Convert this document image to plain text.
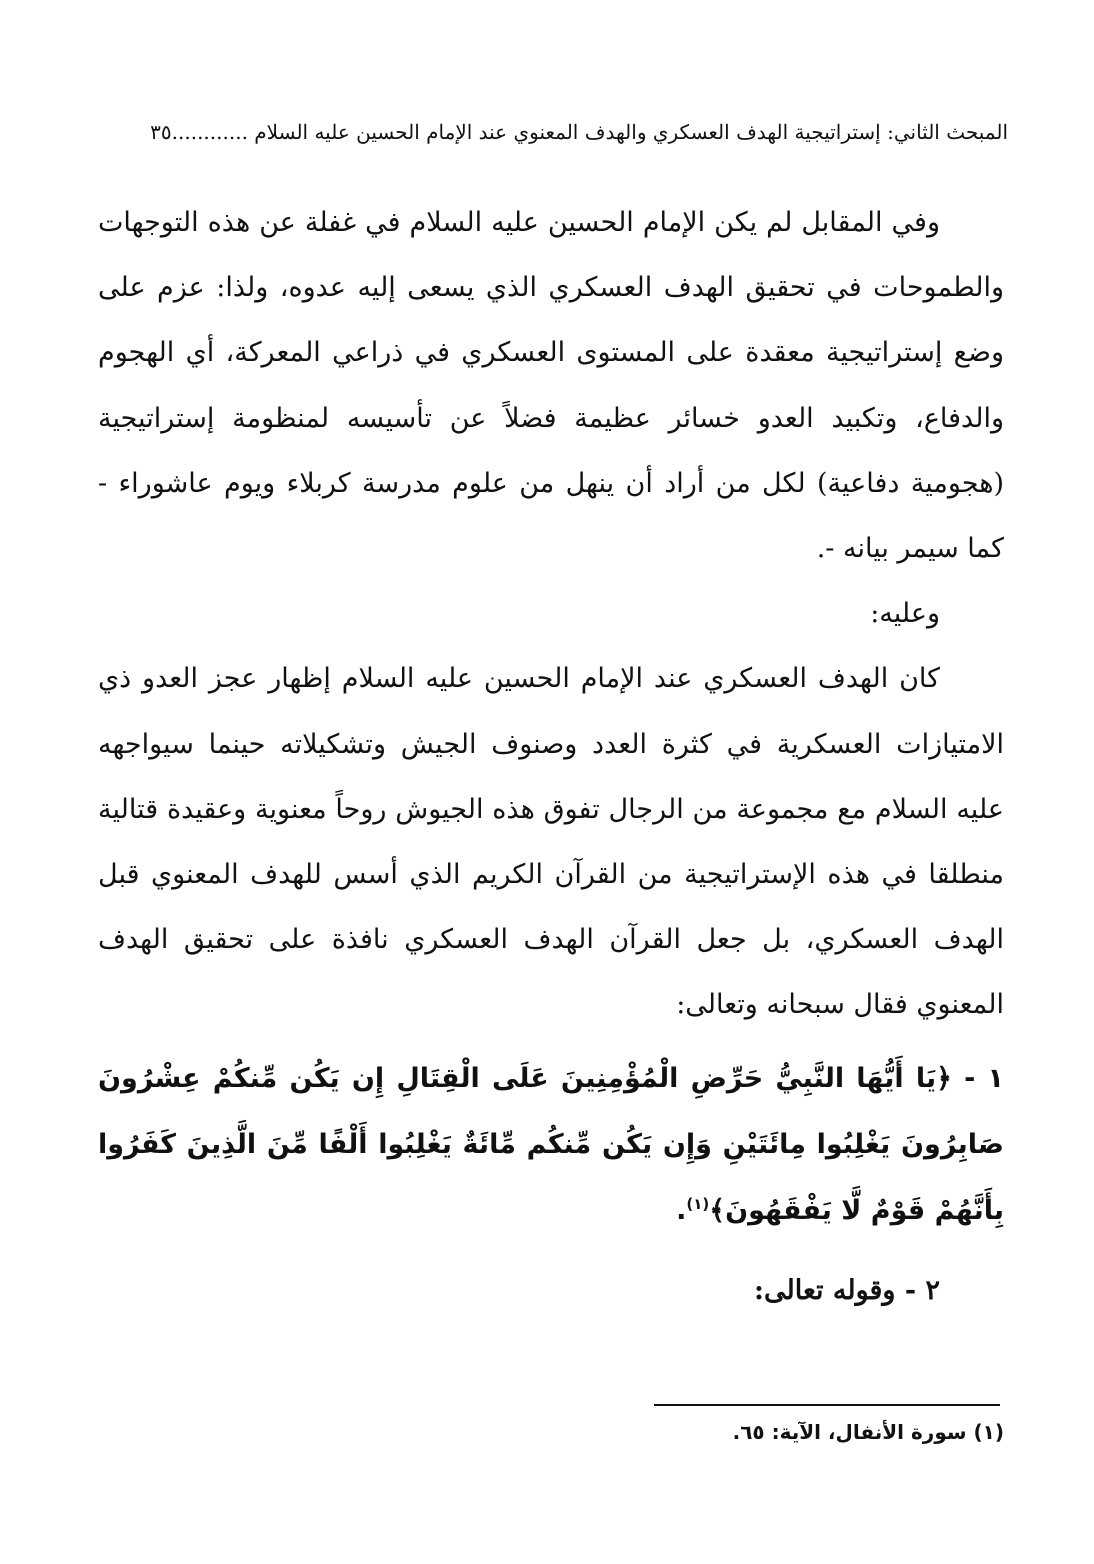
المبحث الثاني: إستراتيجية الهدف العسكري والهدف المعنوي عند الإمام الحسين عليه السلام ............٣٥

وفي المقابل لم يكن الإمام الحسين عليه السلام في غفلة عن هذه التوجهات والطموحات في تحقيق الهدف العسكري الذي يسعى إليه عدوه، ولذا: عزم على وضع إستراتيجية معقدة على المستوى العسكري في ذراعي المعركة، أي الهجوم والدفاع، وتكبيد العدو خسائر عظيمة فضلاً عن تأسيسه لمنظومة إستراتيجية (هجومية دفاعية) لكل من أراد أن ينهل من علوم مدرسة كربلاء ويوم عاشوراء - كما سيمر بيانه -.

وعليه:

كان الهدف العسكري عند الإمام الحسين عليه السلام إظهار عجز العدو ذي الامتيازات العسكرية في كثرة العدد وصنوف الجيش وتشكيلاته حينما سيواجهه عليه السلام مع مجموعة من الرجال تفوق هذه الجيوش روحاً معنوية وعقيدة قتالية منطلقا في هذه الإستراتيجية من القرآن الكريم الذي أسس للهدف المعنوي قبل الهدف العسكري، بل جعل القرآن الهدف العسكري نافذة على تحقيق الهدف المعنوي فقال سبحانه وتعالى:

١ - ﴿يَا أَيُّهَا النَّبِيُّ حَرِّضِ الْمُؤْمِنِينَ عَلَى الْقِتَالِ إِن يَكُن مِّنكُمْ عِشْرُونَ صَابِرُونَ يَغْلِبُوا مِائَتَيْنِ وَإِن يَكُن مِّنكُم مِّائَةٌ يَغْلِبُوا أَلْفًا مِّنَ الَّذِينَ كَفَرُوا بِأَنَّهُمْ قَوْمٌ لَّا يَفْقَهُونَ﴾$^{(١)}$.

٢ - وقوله تعالى:

(١) سورة الأنفال، الآية: ٦٥.
